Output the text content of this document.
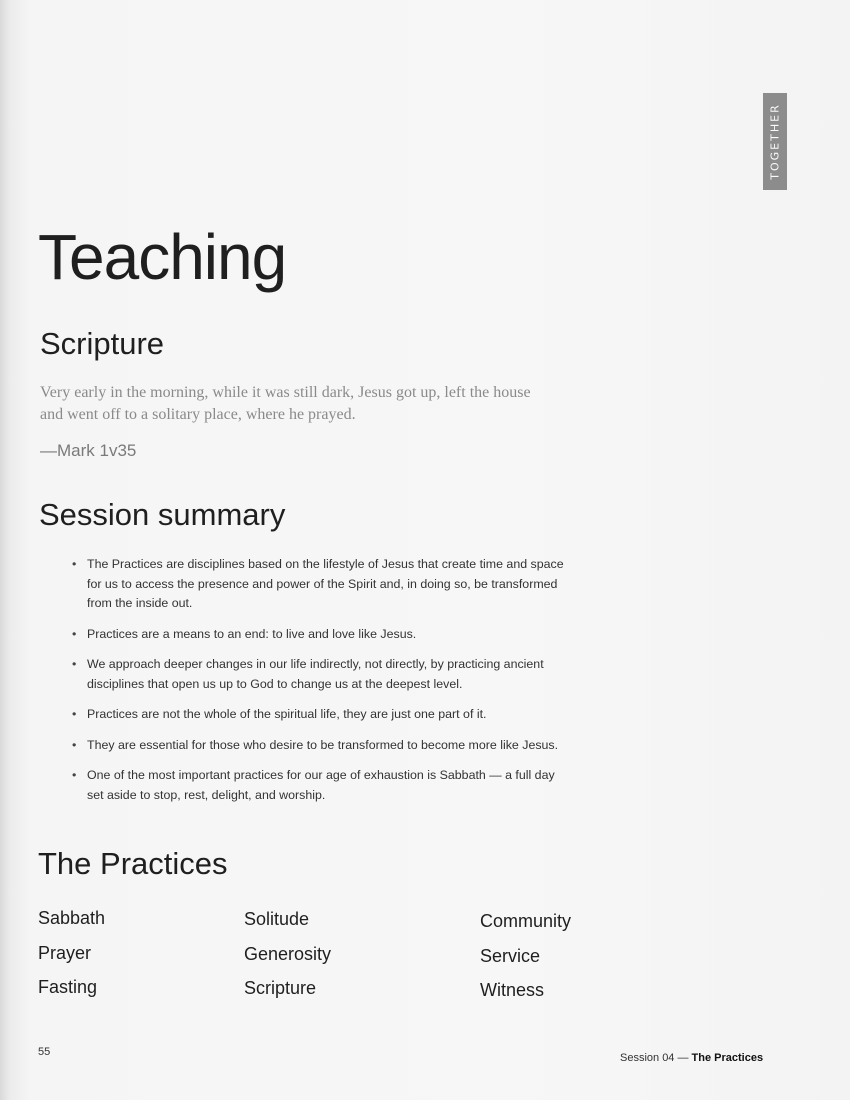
TOGETHER
Teaching
Scripture

Very early in the morning, while it was still dark, Jesus got up, left the house
and went off to a solitary place, where he prayed.

—Mark 1v35

Session summary
• The Practices are disciplines based on the lifestyle of Jesus that create time and space for us to access the presence and power of the Spirit and, in doing so, be transformed from the inside out.
• Practices are a means to an end: to live and love like Jesus.
• We approach deeper changes in our life indirectly, not directly, by practicing ancient disciplines that open us up to God to change us at the deepest level.
• Practices are not the whole of the spiritual life, they are just one part of it.
• They are essential for those who desire to be transformed to become more like Jesus.
• One of the most important practices for our age of exhaustion is Sabbath — a full day set aside to stop, rest, delight, and worship.
The Practices
Sabbath
Prayer
Fasting
Solitude
Generosity
Scripture
Community
Service
Witness
55	Session 04 — The Practices
